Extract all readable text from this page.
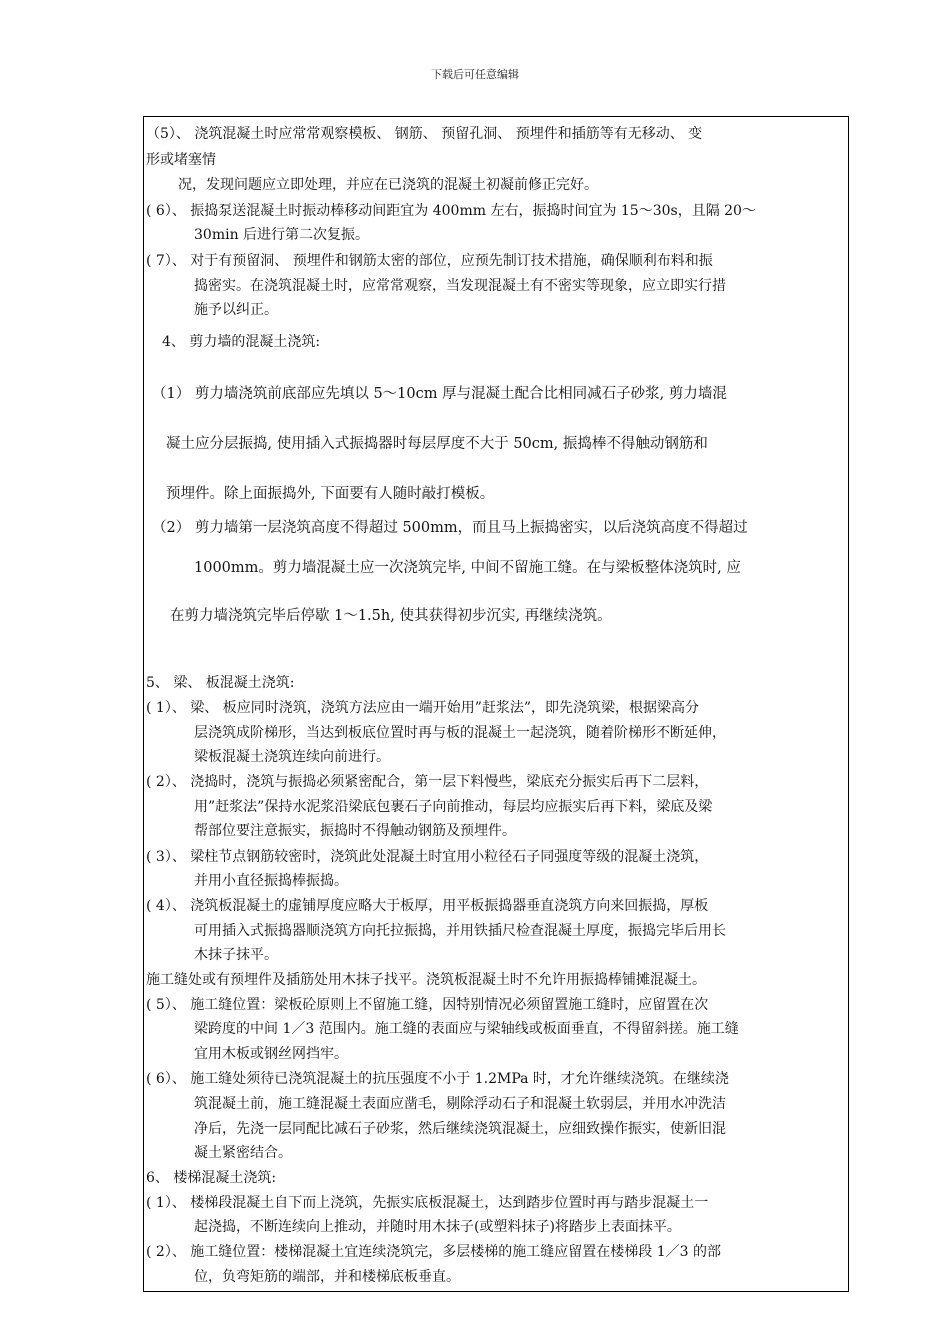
下载后可任意编辑
（5）、 浇筑混凝土时应常常观察模板、 钢筋、 预留孔洞、 预埋件和插筋等有无移动、 变
形或堵塞情
况，发现问题应立即处理，并应在已浇筑的混凝土初凝前修正完好。
( 6）、 振捣泵送混凝土时振动棒移动间距宜为 400mm 左右，振捣时间宜为 15～30s，且隔 20～
30min 后进行第二次复振。
( 7）、 对于有预留洞、 预埋件和钢筋太密的部位，应预先制订技术措施，确保顺利布料和振
捣密实。在浇筑混凝土时，应常常观察，当发现混凝土有不密实等现象，应立即实行措
施予以纠正。
4、 剪力墙的混凝土浇筑:
（1） 剪力墙浇筑前底部应先填以 5～10cm 厚与混凝土配合比相同减石子砂浆, 剪力墙混
凝土应分层振捣, 使用插入式振捣器时每层厚度不大于 50cm, 振捣棒不得触动钢筋和
预埋件。除上面振捣外, 下面要有人随时敲打模板。
（2） 剪力墙第一层浇筑高度不得超过 500mm，而且马上振捣密实，以后浇筑高度不得超过
1000mm。剪力墙混凝土应一次浇筑完毕, 中间不留施工缝。在与梁板整体浇筑时, 应
在剪力墙浇筑完毕后停歇 1～1.5h, 使其获得初步沉实, 再继续浇筑。
5、 梁、 板混凝土浇筑:
( 1）、 梁、 板应同时浇筑，浇筑方法应由一端开始用”赶浆法”，即先浇筑梁，根据梁高分
层浇筑成阶梯形，当达到板底位置时再与板的混凝土一起浇筑，随着阶梯形不断延伸，
梁板混凝土浇筑连续向前进行。
( 2）、 浇捣时，浇筑与振捣必须紧密配合，第一层下料慢些，梁底充分振实后再下二层料，
用”赶浆法”保持水泥浆沿梁底包裹石子向前推动，每层均应振实后再下料，梁底及梁
帮部位要注意振实，振捣时不得触动钢筋及预埋件。
( 3）、 梁柱节点钢筋较密时，浇筑此处混凝土时宜用小粒径石子同强度等级的混凝土浇筑，
并用小直径振捣棒振捣。
( 4）、 浇筑板混凝土的虚铺厚度应略大于板厚，用平板振捣器垂直浇筑方向来回振捣，厚板
可用插入式振捣器顺浇筑方向托拉振捣，并用铁插尺检查混凝土厚度，振捣完毕后用长
木抹子抹平。
施工缝处或有预埋件及插筋处用木抹子找平。浇筑板混凝土时不允许用振捣棒铺摊混凝土。
( 5）、 施工缝位置：梁板砼原则上不留施工缝，因特别情况必须留置施工缝时，应留置在次
梁跨度的中间 1／3 范围内。施工缝的表面应与梁轴线或板面垂直，不得留斜搓。施工缝
宜用木板或钢丝网挡牢。
( 6）、 施工缝处须待已浇筑混凝土的抗压强度不小于 1.2MPa 时，才允许继续浇筑。在继续浇
筑混凝土前，施工缝混凝土表面应凿毛，剔除浮动石子和混凝土软弱层，并用水冲洗洁
净后，先浇一层同配比减石子砂浆，然后继续浇筑混凝土，应细致操作振实，使新旧混
凝土紧密结合。
6、 楼梯混凝土浇筑:
( 1）、 楼梯段混凝土自下而上浇筑，先振实底板混凝土，达到踏步位置时再与踏步混凝土一
起浇捣，不断连续向上推动，并随时用木抹子(或塑料抹子)将踏步上表面抹平。
( 2）、 施工缝位置：楼梯混凝土宜连续浇筑完，多层楼梯的施工缝应留置在楼梯段 1／3 的部
位，负弯矩筋的端部，并和楼梯底板垂直。
